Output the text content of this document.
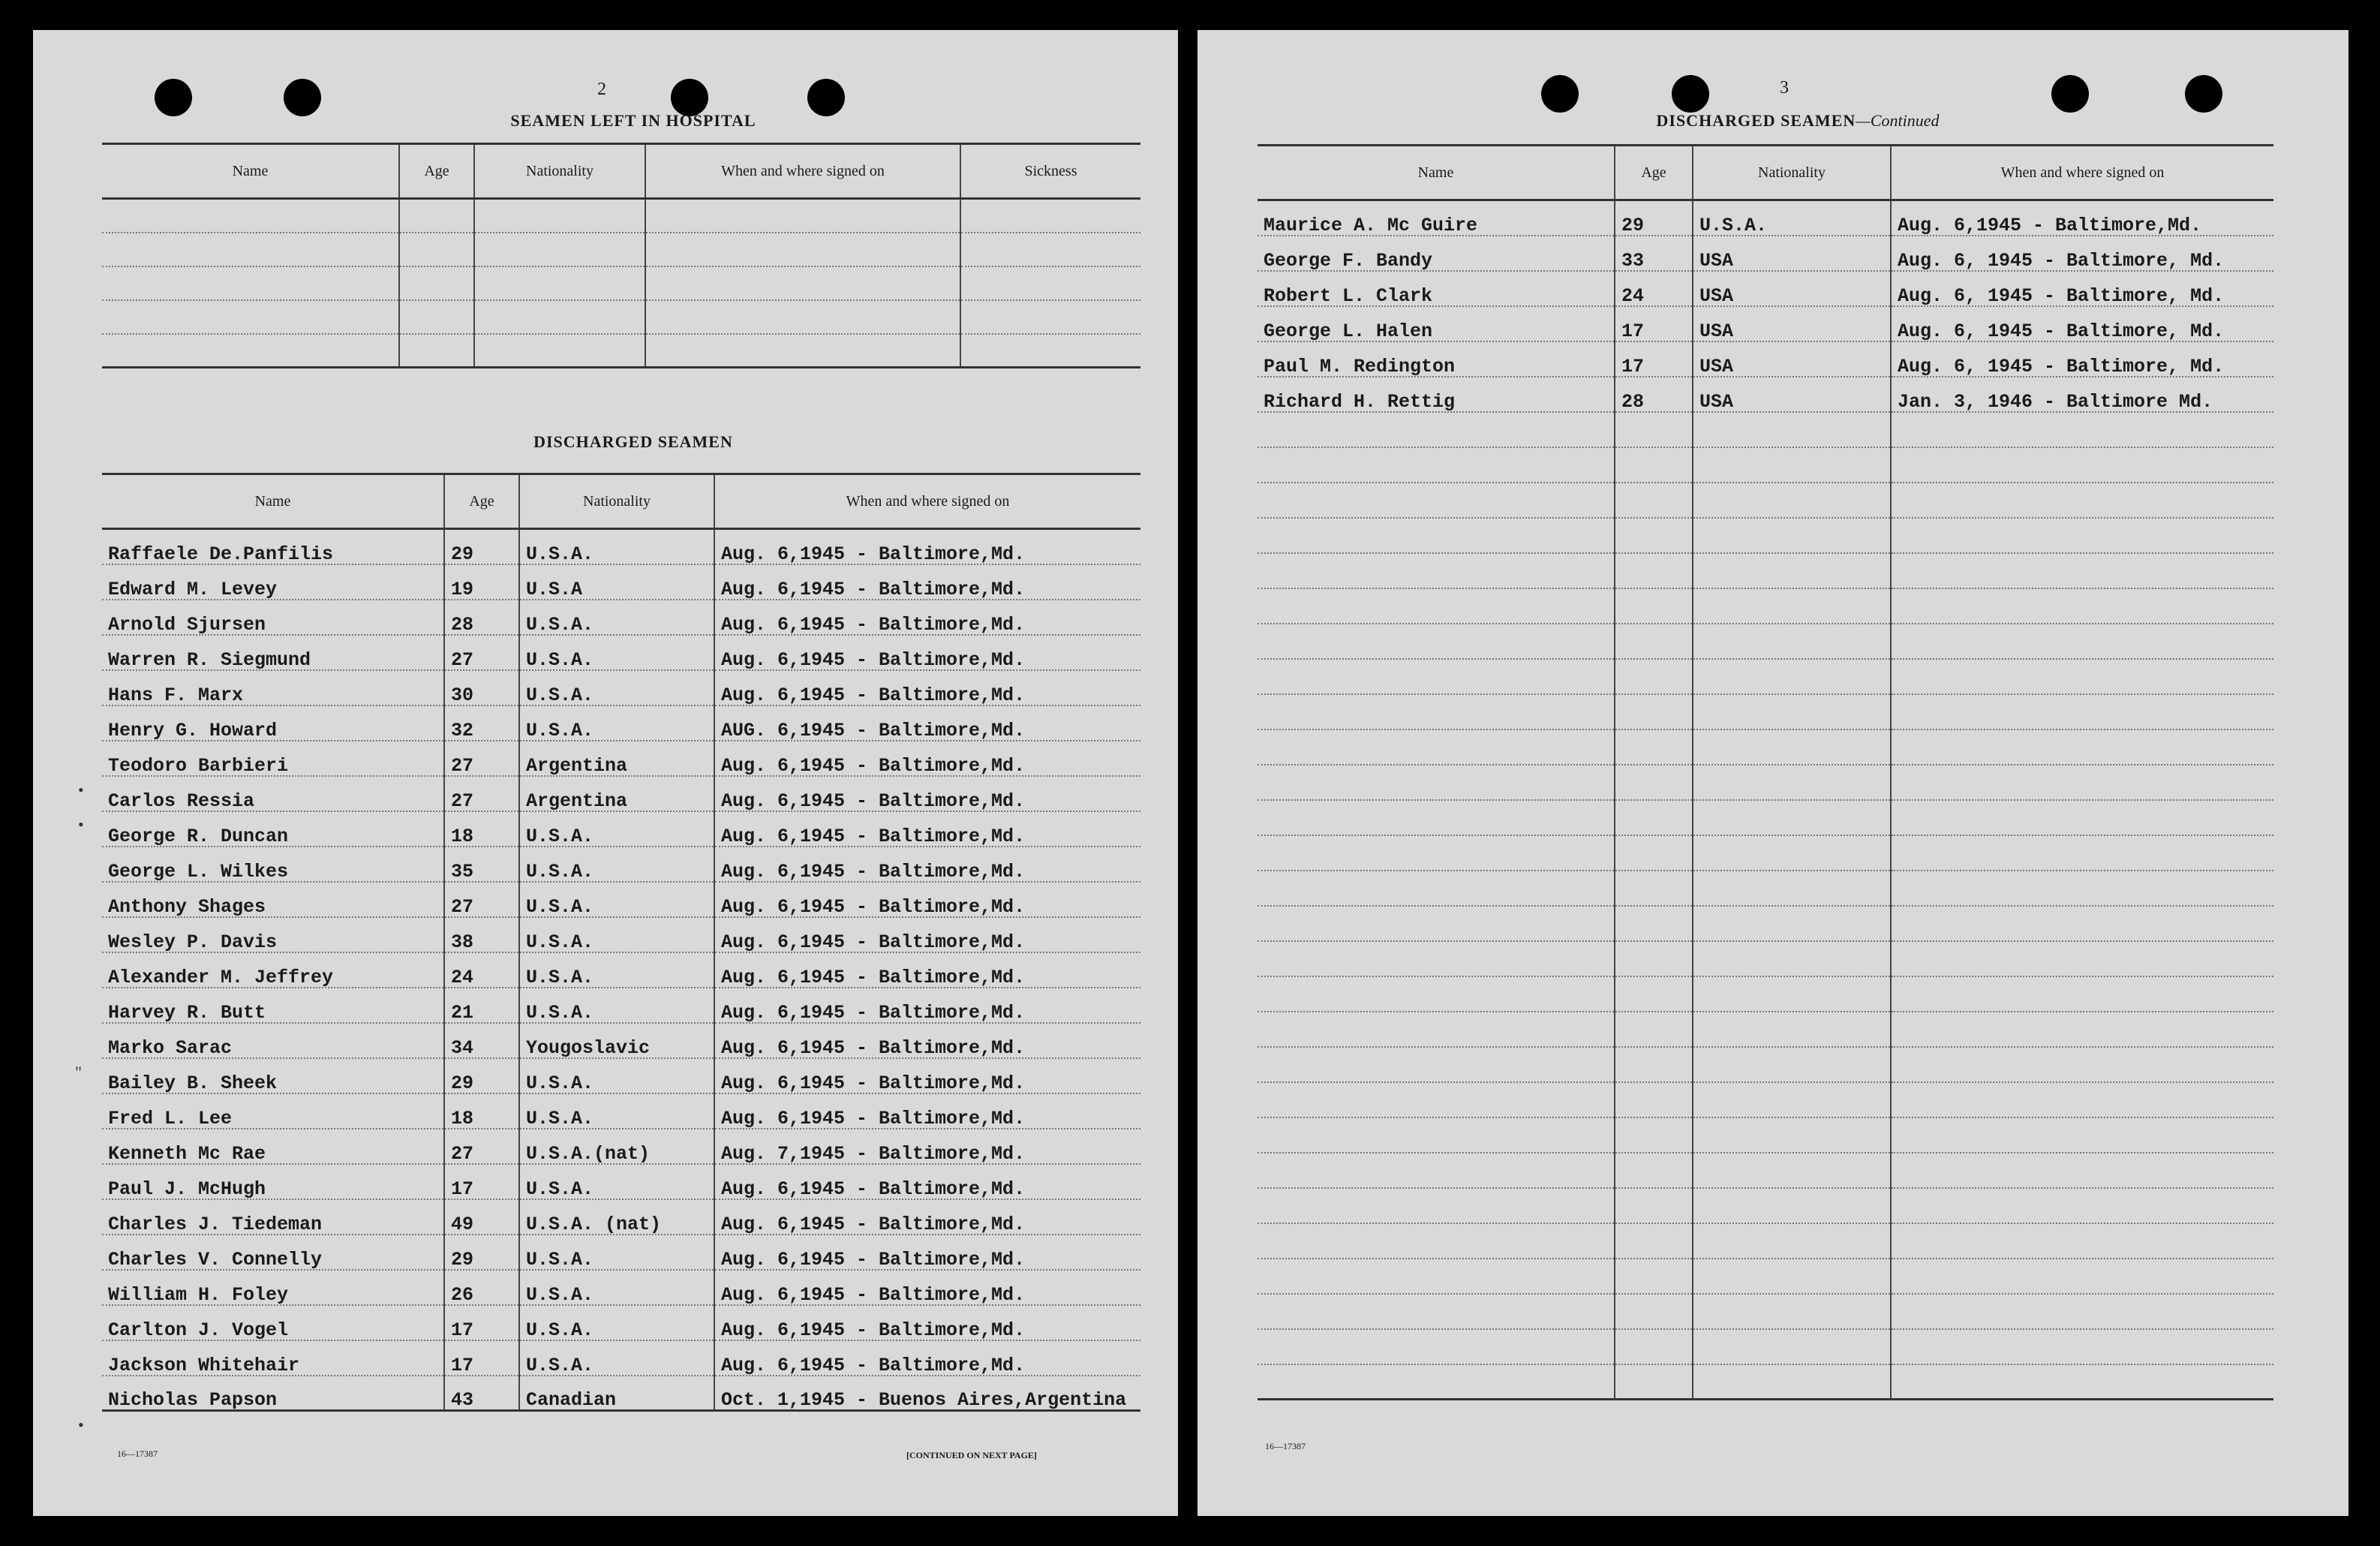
2
SEAMEN LEFT IN HOSPITAL
Name	Age	Nationality	When and where signed on	Sickness

DISCHARGED SEAMEN
Name	Age	Nationality	When and where signed on
Raffaele De.Panfilis	29	U.S.A.	Aug. 6,1945 - Baltimore,Md.
Edward M. Levey	19	U.S.A	Aug. 6,1945 - Baltimore,Md.
Arnold Sjursen	28	U.S.A.	Aug. 6,1945 - Baltimore,Md.
Warren R. Siegmund	27	U.S.A.	Aug. 6,1945 - Baltimore,Md.
Hans F. Marx	30	U.S.A.	Aug. 6,1945 - Baltimore,Md.
Henry G. Howard	32	U.S.A.	AUG. 6,1945 - Baltimore,Md.
Teodoro Barbieri	27	Argentina	Aug. 6,1945 - Baltimore,Md.
Carlos Ressia	27	Argentina	Aug. 6,1945 - Baltimore,Md.
George R. Duncan	18	U.S.A.	Aug. 6,1945 - Baltimore,Md.
George L. Wilkes	35	U.S.A.	Aug. 6,1945 - Baltimore,Md.
Anthony Shages	27	U.S.A.	Aug. 6,1945 - Baltimore,Md.
Wesley P. Davis	38	U.S.A.	Aug. 6,1945 - Baltimore,Md.
Alexander M. Jeffrey	24	U.S.A.	Aug. 6,1945 - Baltimore,Md.
Harvey R. Butt	21	U.S.A.	Aug. 6,1945 - Baltimore,Md.
Marko Sarac	34	Yougoslavic	Aug. 6,1945 - Baltimore,Md.
Bailey B. Sheek	29	U.S.A.	Aug. 6,1945 - Baltimore,Md.
Fred L. Lee	18	U.S.A.	Aug. 6,1945 - Baltimore,Md.
Kenneth Mc Rae	27	U.S.A.(nat)	Aug. 7,1945 - Baltimore,Md.
Paul J. McHugh	17	U.S.A.	Aug. 6,1945 - Baltimore,Md.
Charles J. Tiedeman	49	U.S.A. (nat)	Aug. 6,1945 - Baltimore,Md.
Charles V. Connelly	29	U.S.A.	Aug. 6,1945 - Baltimore,Md.
William H. Foley	26	U.S.A.	Aug. 6,1945 - Baltimore,Md.
Carlton J. Vogel	17	U.S.A.	Aug. 6,1945 - Baltimore,Md.
Jackson Whitehair	17	U.S.A.	Aug. 6,1945 - Baltimore,Md.
Nicholas Papson	43	Canadian	Oct. 1,1945 - Buenos Aires,Argentina
•
•
"
•
16—17387	[CONTINUED ON NEXT PAGE]
3
DISCHARGED SEAMEN—Continued
Name	Age	Nationality	When and where signed on
Maurice A. Mc Guire	29	U.S.A.	Aug. 6,1945 - Baltimore,Md.
George F. Bandy	33	USA	Aug. 6, 1945 - Baltimore, Md.
Robert L. Clark	24	USA	Aug. 6, 1945 - Baltimore, Md.
George L. Halen	17	USA	Aug. 6, 1945 - Baltimore, Md.
Paul M. Redington	17	USA	Aug. 6, 1945 - Baltimore, Md.
Richard H. Rettig	28	USA	Jan. 3, 1946 - Baltimore Md.

16—17387
